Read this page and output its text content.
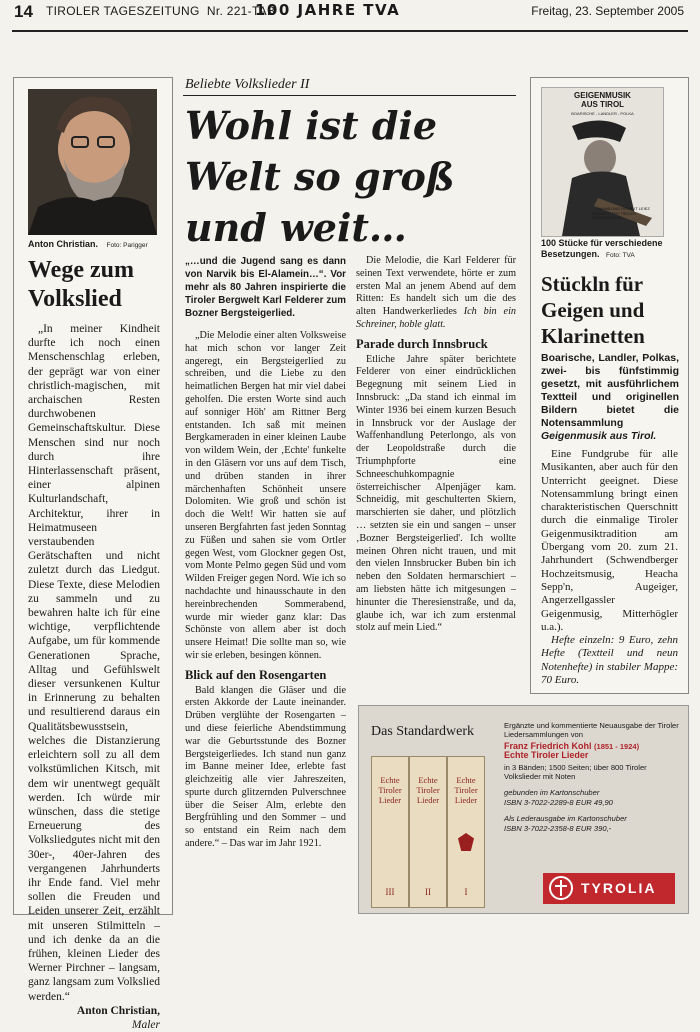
14 TIROLER TAGESZEITUNG Nr. 221-TAB
100 JAHRE TVA	Freitag, 23. September 2005
Anton Christian. Foto: Parigger
Wege zum Volkslied

„In meiner Kindheit durfte ich noch einen Menschenschlag erleben, der geprägt war von einer christlich-magischen, mit archaischen Resten durchwobenen Gemeinschaftskultur. Diese Menschen sind nur noch durch ihre Hinterlassenschaft präsent, einer alpinen Kulturlandschaft, Architektur, ihrer in Heimatmuseen verstaubenden Gerätschaften und nicht zuletzt durch das Liedgut. Diese Texte, diese Melodien zu sammeln und zu bewahren halte ich für eine wichtige, verpflichtende Aufgabe, um für kommende Generationen Sprache, Alltag und Gefühlswelt dieser versunkenen Kultur in Erinnerung zu behalten und resultierend daraus ein Qualitätsbewusstsein, welches die Distanzierung erleichtern soll zu all dem volkstümlichen Kitsch, mit dem wir unentwegt gequält werden. Ich würde mir wünschen, dass die stetige Erneuerung des Volksliedgutes nicht mit den 30er-, 40er-Jahren des vergangenen Jahrhunderts ihr Ende fand. Viel mehr sollen die Freuden und Leiden unserer Zeit, erzählt mit unseren Stilmitteln – und ich denke da an die frühen, kleinen Lieder des Werner Pirchner – langsam, ganz langsam zum Volkslied werden.“

Anton Christian,

Maler

Beliebte Volkslieder II
Wohl ist die
Welt so groß
und weit…

„…und die Jugend sang es dann von Narvik bis El-Alamein…“. Vor mehr als 80 Jahren inspirierte die Tiroler Bergwelt Karl Felderer zum Bozner Bergsteigerlied.

„Die Melodie einer alten Volksweise hat mich schon vor langer Zeit angeregt, ein Bergsteigerlied zu schreiben, und die Liebe zu den heimatlichen Bergen hat mir viel dabei geholfen. Die ersten Worte sind auch auf sonniger Höh' am Rittner Berg entstanden. Ich saß mit meinen Bergkameraden in einer kleinen Laube von wildem Wein, der ‚Echte' funkelte in den Gläsern vor uns auf dem Tisch, und drüben standen in ihrer märchenhaften Schönheit unsere Dolomiten. Wie groß und schön ist doch die Welt! Wir hatten sie auf unseren Bergfahrten fast jeden Sonntag zu Füßen und sahen sie vom Ortler gegen West, vom Glockner gegen Ost, vom Monte Pelmo gegen Süd und vom Wilden Freiger gegen Nord. Wie ich so nachdachte und hinausschaute in den hereinbrechenden Sommerabend, wurde mir wieder ganz klar: Das Schönste von allem aber ist doch unsere Heimat! Die sollte man so, wie wir sie erleben, besingen können.

Blick auf den Rosengarten

Bald klangen die Gläser und die ersten Akkorde der Laute ineinander. Drüben verglühte der Rosengarten – und diese feierliche Abendstimmung war die Geburtsstunde des Bozner Bergsteigerliedes. Ich stand nun ganz im Banne meiner Idee, erlebte fast gleichzeitig alle vier Jahreszeiten, spurte durch glitzernden Pulverschnee über die Seiser Alm, erlebte den Bergfrühling und den Sommer – und so entstand ein Reim nach dem andere.“ – Das war im Jahr 1921.

Die Melodie, die Karl Felderer für seinen Text verwendete, hörte er zum ersten Mal an jenem Abend auf dem Ritten: Es handelt sich um die des alten Handwerkerliedes Ich bin ein Schreiner, hoble glatt.

Parade durch Innsbruck

Etliche Jahre später berichtete Felderer von einer eindrücklichen Begegnung mit seinem Lied in Innsbruck: „Da stand ich einmal im Winter 1936 bei einem kurzen Besuch in Innsbruck vor der Auslage der Waffenhandlung Peterlongo, als von der Leopoldstraße durch die Triumphpforte eine Schneeschuhkompagnie österreichischer Alpenjäger kam. Schneidig, mit geschulterten Skiern, marschierten sie daher, und plötzlich … setzten sie ein und sangen – unser ‚Bozner Bergsteigerlied'. Ich wollte meinen Ohren nicht trauen, und mit den vielen Innsbrucker Buben bin ich neben den Soldaten hermarschiert – am liebsten hätte ich mitgesungen – hinunter die Theresienstraße, und da, glaube ich, war ich zum erstenmal stolz auf mein Lied.“

GEIGENMUSIK
AUS TIROL
BOARISCHE - LANDLER - POLKA
SAMMLUNG HELMUT LEIEZ
HERAUSGEBER: TIROLER VOLKSLIEDWERK
100 Stücke für verschiedene Besetzungen. Foto: TVA
Stückln für Geigen und Klarinetten
Boarische, Landler, Polkas, zwei- bis fünfstimmig gesetzt, mit ausführlichem Textteil und originellen Bildern bietet die Notensammlung Geigenmusik aus Tirol.

Eine Fundgrube für alle Musikanten, aber auch für den Unterricht geeignet. Diese Notensammlung bringt einen charakteristischen Querschnitt durch die einmalige Tiroler Geigenmusiktradition am Übergang vom 20. zum 21. Jahrhundert (Schwendberger Hochzeitsmusig, Heacha Sepp'n, Augeiger, Angerzellgassler Geigenmusig, Mitterhögler u.a.).

Hefte einzeln: 9 Euro, zehn Hefte (Textteil und neun Notenhefte) in stabiler Mappe: 70 Euro.

Das Standardwerk
Echte Tiroler Lieder
III
Echte Tiroler Lieder
II
Echte Tiroler Lieder
I
Ergänzte und kommentierte Neuausgabe der Tiroler Liedersammlungen von
Franz Friedrich Kohl (1851 - 1924)
Echte Tiroler Lieder
in 3 Bänden; 1500 Seiten; über 800 Tiroler Volkslieder mit Noten
gebunden im Kartonschuber
ISBN 3-7022-2289-8 EUR 49,90
Als Lederausgabe im Kartonschuber
ISBN 3-7022-2358-8 EUR 390,-
TYROLIA
